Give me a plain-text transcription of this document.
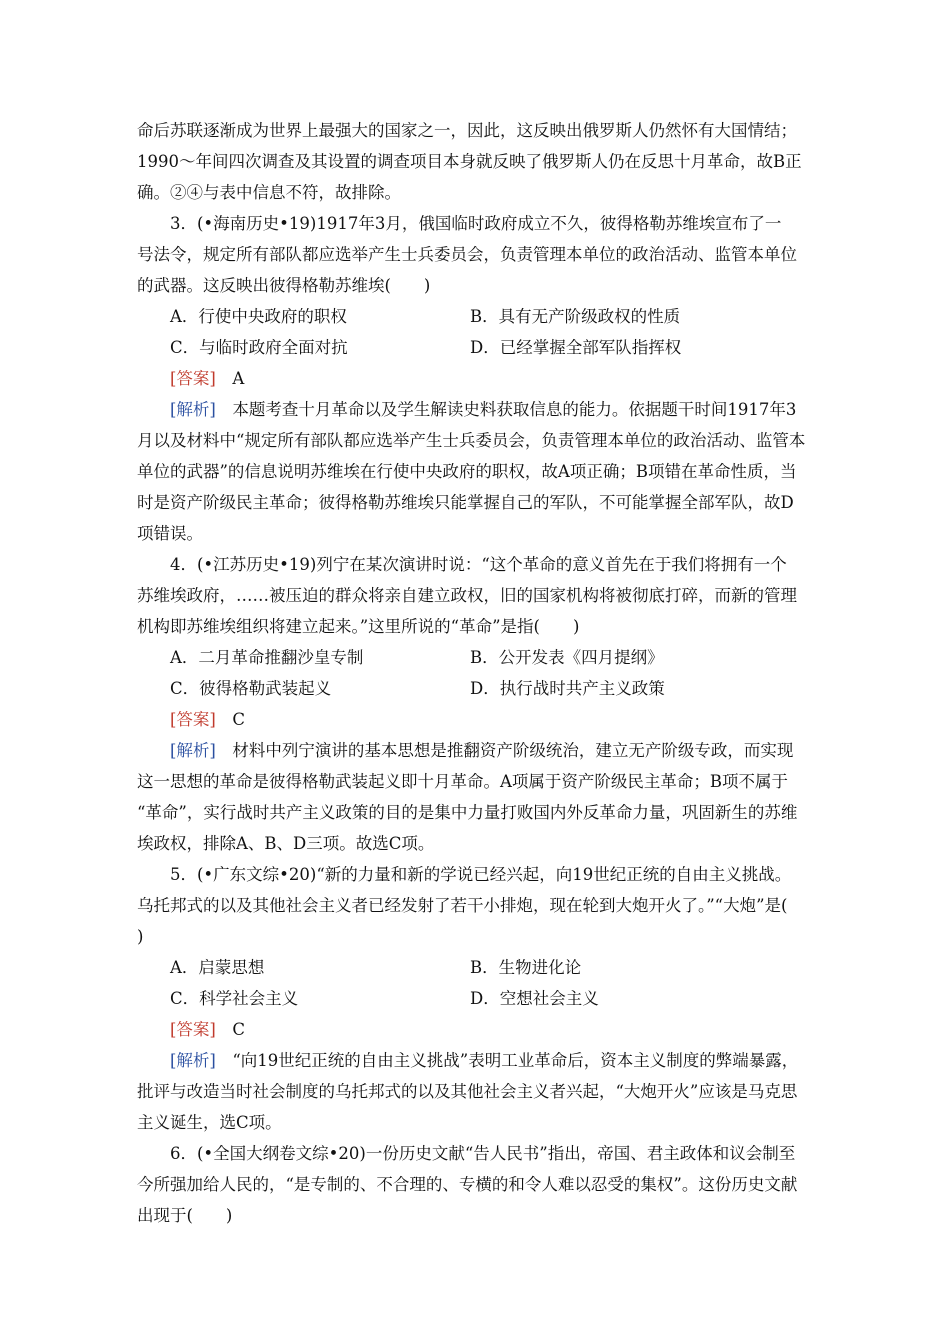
命后苏联逐渐成为世界上最强大的国家之一，因此，这反映出俄罗斯人仍然怀有大国情结；
1990～年间四次调查及其设置的调查项目本身就反映了俄罗斯人仍在反思十月革命，故B正
确。②④与表中信息不符，故排除。
3．(•海南历史•19)1917年3月，俄国临时政府成立不久，彼得格勒苏维埃宣布了一
号法令，规定所有部队都应选举产生士兵委员会，负责管理本单位的政治活动、监管本单位
的武器。这反映出彼得格勒苏维埃(　　)
A．行使中央政府的职权	B．具有无产阶级政权的性质
C．与临时政府全面对抗	D．已经掌握全部军队指挥权
[答案]　A
[解析]　本题考查十月革命以及学生解读史料获取信息的能力。依据题干时间1917年3
月以及材料中“规定所有部队都应选举产生士兵委员会，负责管理本单位的政治活动、监管本
单位的武器”的信息说明苏维埃在行使中央政府的职权，故A项正确；B项错在革命性质，当
时是资产阶级民主革命；彼得格勒苏维埃只能掌握自己的军队，不可能掌握全部军队，故D
项错误。
4．(•江苏历史•19)列宁在某次演讲时说：“这个革命的意义首先在于我们将拥有一个
苏维埃政府，……被压迫的群众将亲自建立政权，旧的国家机构将被彻底打碎，而新的管理
机构即苏维埃组织将建立起来。”这里所说的“革命”是指(　　)
A．二月革命推翻沙皇专制	B．公开发表《四月提纲》
C．彼得格勒武装起义	D．执行战时共产主义政策
[答案]　C
[解析]　材料中列宁演讲的基本思想是推翻资产阶级统治，建立无产阶级专政，而实现
这一思想的革命是彼得格勒武装起义即十月革命。A项属于资产阶级民主革命；B项不属于
“革命”，实行战时共产主义政策的目的是集中力量打败国内外反革命力量，巩固新生的苏维
埃政权，排除A、B、D三项。故选C项。
5．(•广东文综•20)“新的力量和新的学说已经兴起，向19世纪正统的自由主义挑战。
乌托邦式的以及其他社会主义者已经发射了若干小排炮，现在轮到大炮开火了。”“大炮”是(
)
A．启蒙思想	B．生物进化论
C．科学社会主义	D．空想社会主义
[答案]　C
[解析]　“向19世纪正统的自由主义挑战”表明工业革命后，资本主义制度的弊端暴露，
批评与改造当时社会制度的乌托邦式的以及其他社会主义者兴起，“大炮开火”应该是马克思
主义诞生，选C项。
6．(•全国大纲卷文综•20)一份历史文献“告人民书”指出，帝国、君主政体和议会制至
今所强加给人民的，“是专制的、不合理的、专横的和令人难以忍受的集权”。这份历史文献
出现于(　　)
